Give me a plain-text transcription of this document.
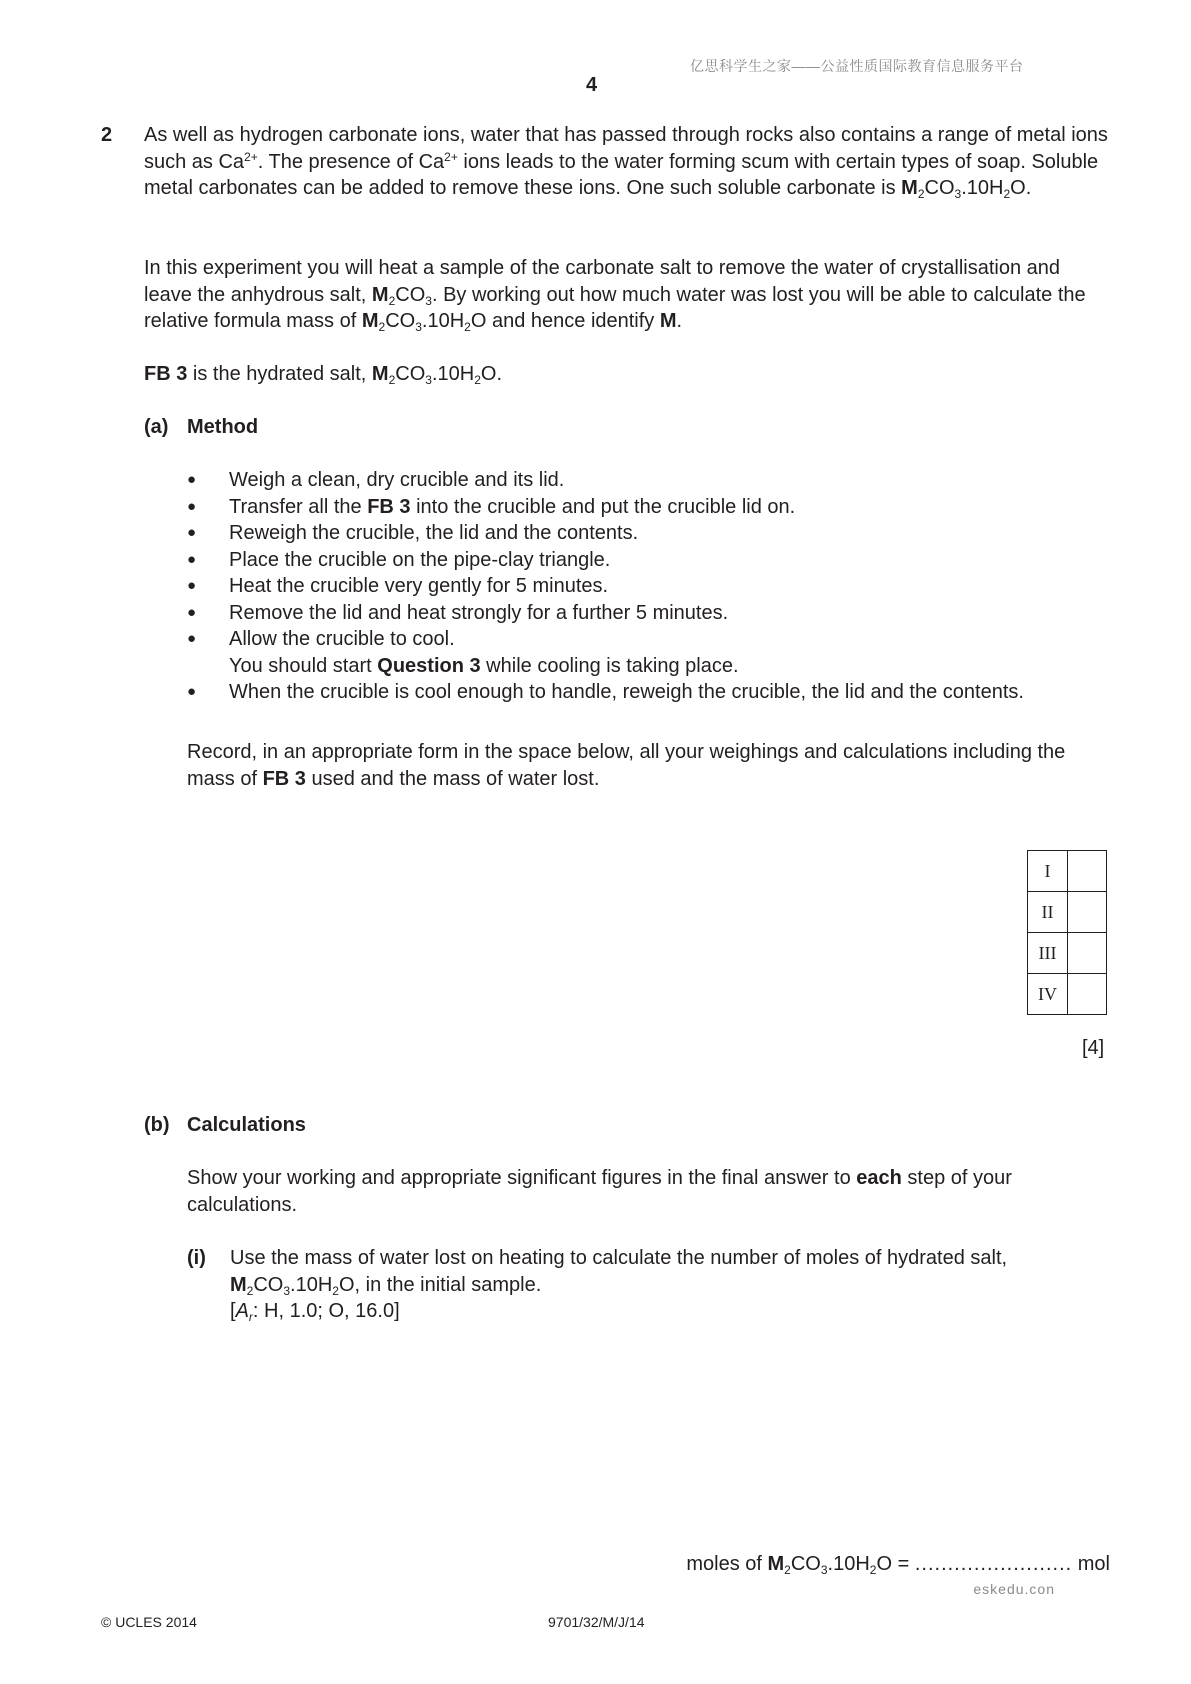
亿思科学生之家——公益性质国际教育信息服务平台
4
2 As well as hydrogen carbonate ions, water that has passed through rocks also contains a range of metal ions such as $Ca^{2+}$. The presence of $Ca^{2+}$ ions leads to the water forming scum with certain types of soap. Soluble metal carbonates can be added to remove these ions. One such soluble carbonate is $M_2CO_3.10H_2O$.
In this experiment you will heat a sample of the carbonate salt to remove the water of crystallisation and leave the anhydrous salt, $M_2CO_3$. By working out how much water was lost you will be able to calculate the relative formula mass of $M_2CO_3.10H_2O$ and hence identify M.
FB 3 is the hydrated salt, $M_2CO_3.10H_2O$.
(a) Method
● Weigh a clean, dry crucible and its lid.
● Transfer all the FB 3 into the crucible and put the crucible lid on.
● Reweigh the crucible, the lid and the contents.
● Place the crucible on the pipe-clay triangle.
● Heat the crucible very gently for 5 minutes.
● Remove the lid and heat strongly for a further 5 minutes.
● Allow the crucible to cool.
You should start Question 3 while cooling is taking place.
● When the crucible is cool enough to handle, reweigh the crucible, the lid and the contents.
Record, in an appropriate form in the space below, all your weighings and calculations including the mass of FB 3 used and the mass of water lost.
I	
II	
III	
IV	
[4]
(b) Calculations
Show your working and appropriate significant figures in the final answer to each step of your calculations.
(i) Use the mass of water lost on heating to calculate the number of moles of hydrated salt,
$M_2CO_3.10H_2O$, in the initial sample.
[$A_r$: H, 1.0; O, 16.0]
moles of $M_2CO_3.10H_2O$ = ........................ mol
eskedu.con
© UCLES 2014	9701/32/M/J/14
